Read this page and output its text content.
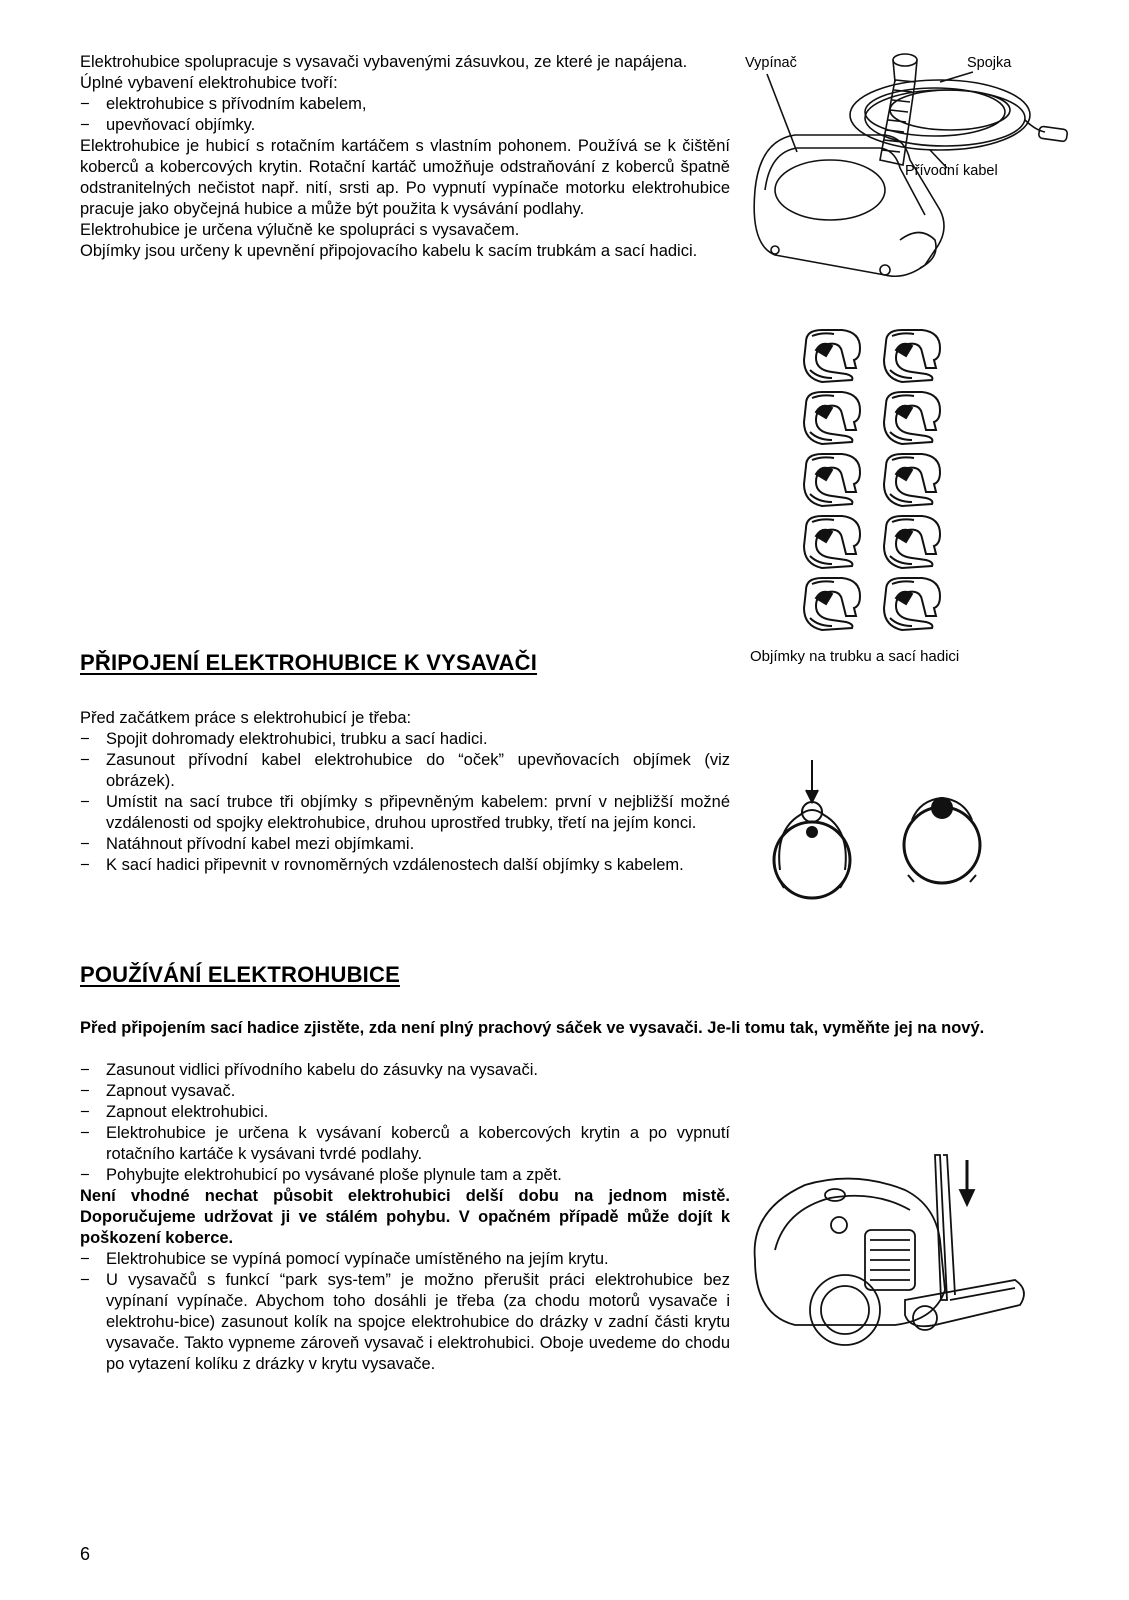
Elektrohubice spolupracuje s vysavači vybavenými zásuvkou, ze které je napájena.

Úplné vybavení elektrohubice tvoří:

− elektrohubice s přívodním kabelem,
− upevňovací objímky.

Elektrohubice je hubicí s rotačním kartáčem s vlastním pohonem. Používá se k čištění koberců a kobercových krytin. Rotační kartáč umožňuje odstraňování z koberců špatně odstranitelných nečistot např. nití, srsti ap. Po vypnutí vypínače motorku elektrohubice pracuje jako obyčejná hubice a může být použita k vysávání podlahy.

Elektrohubice je určena výlučně ke spolupráci s vysavačem.

Objímky jsou určeny k upevnění připojovacího kabelu k sacím trubkám a sací hadici.

Vypínač	Spojka
Přívodní kabel

Objímky na trubku a sací hadici

PŘIPOJENÍ ELEKTROHUBICE K VYSAVAČI

Před začátkem práce s elektrohubicí je třeba:

− Spojit dohromady elektrohubici, trubku a sací hadici.
− Zasunout přívodní kabel elektrohubice do “oček” upevňovacích objímek (viz obrázek).
− Umístit na sací trubce tři objímky s připevněným kabelem: první v nejbližší možné vzdálenosti od spojky elektrohubice, druhou uprostřed trubky, třetí na jejím konci.
− Natáhnout přívodní kabel mezi objímkami.
− K sací hadici připevnit v rovnoměrných vzdálenostech další objímky s kabelem.
POUŽÍVÁNÍ ELEKTROHUBICE

Před připojením sací hadice zjistěte, zda není plný prachový sáček ve vysavači. Je-li tomu tak, vyměňte jej na nový.

− Zasunout vidlici přívodního kabelu do zásuvky na vysavači.
− Zapnout vysavač.
− Zapnout elektrohubici.
− Elektrohubice je určena k vysávaní koberců a kobercových krytin a po vypnutí rotačního kartáče k vysávani tvrdé podlahy.
− Pohybujte elektrohubicí po vysávané ploše plynule tam a zpět.

Není vhodné nechat působit elektrohubici delší dobu na jednom mistě. Doporučujeme udržovat ji ve stálém pohybu. V opačném případě může dojít k poškození koberce.

− Elektrohubice se vypíná pomocí vypínače umístěného na jejím krytu.
− U vysavačů s funkcí “park sys-tem” je možno přerušit práci elektrohubice bez vypínaní vypínače. Abychom toho dosáhli je třeba (za chodu motorů vysavače i elektrohu-bice) zasunout kolík na spojce elektrohubice do drázky v zadní části krytu vysavače. Takto vypneme zároveň vysavač i elektrohubici. Oboje uvedeme do chodu po vytazení kolíku z drázky v krytu vysavače.
6
